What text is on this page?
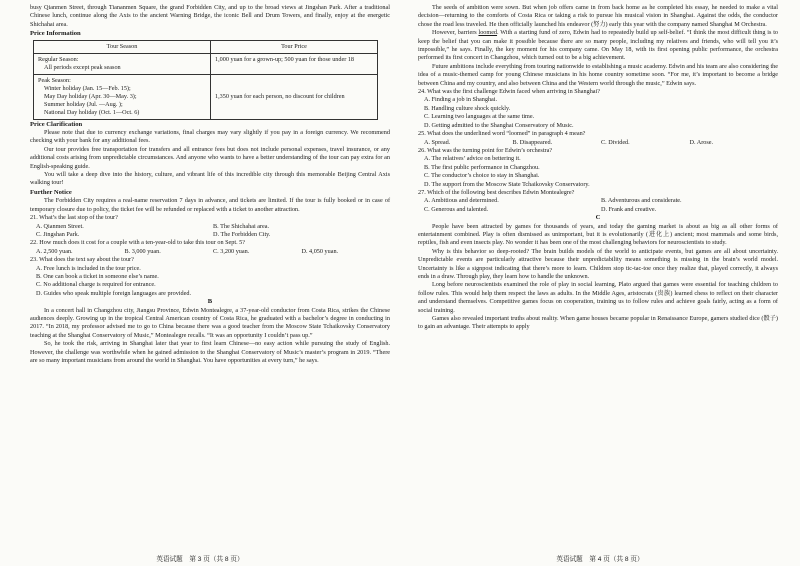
busy Qianmen Street, through Tiananmen Square, the grand Forbidden City, and up to the broad views at Jingshan Park. After a traditional Chinese lunch, continue along the Axis to the ancient Warning Bridge, the iconic Bell and Drum Towers, and finally, enjoy at the energetic Shichahai area.

Price Information
Tour Season	Tour Price

Regular Season:
All periods except peak season	1,000 yuan for a grown-up; 500 yuan for those under 18

Peak Season:
Winter holiday (Jan. 15—Feb. 15);
May Day holiday (Apr. 30—May. 3);
Summer holiday (Jul. —Aug. );
National Day holiday (Oct. 1—Oct. 6)	1,350 yuan for each person, no discount for children
Price Clarification

Please note that due to currency exchange variations, final charges may vary slightly if you pay in a foreign currency. We recommend checking with your bank for any additional fees.

Our tour provides free transportation for transfers and all entrance fees but does not include personal expenses, travel insurance, or any additional costs arising from unpredictable circumstances. And anyone who wants to have a better understanding of the tour can pay extra for an English-speaking guide.

You will take a deep dive into the history, culture, and vibrant life of this incredible city through this memorable Beijing Central Axis walking tour!

Further Notice

The Forbidden City requires a real-name reservation 7 days in advance, and tickets are limited. If the tour is fully booked or in case of temporary closure due to policy, the ticket fee will be refunded or replaced with a ticket to another attraction.

21. What’s the last stop of the tour?

A. Qianmen Street.	B. The Shichahai area.
C. Jingshan Park.	D. The Forbidden City.

22. How much does it cost for a couple with a ten-year-old to take this tour on Sept. 5?

A. 2,500 yuan.	B. 3,000 yuan.	C. 3,200 yuan.	D. 4,050 yuan.

23. What does the text say about the tour?

A. Free lunch is included in the tour price.

B. One can book a ticket in someone else’s name.

C. No additional charge is required for entrance.

D. Guides who speak multiple foreign languages are provided.

B

In a concert hall in Changzhou city, Jiangsu Province, Edwin Montealegre, a 37-year-old conductor from Costa Rica, strikes the Chinese audiences deeply. Growing up in the tropical Central American country of Costa Rica, he graduated with a bachelor’s degree in conducting in 2017. “In 2018, my professor advised me to go to China because there was a good teacher from the Moscow State Tchaikovsky Conservatory teaching at the Shanghai Conservatory of Music,” Montealegre recalls. “It was an opportunity I couldn’t pass up.”

So, he took the risk, arriving in Shanghai later that year to first learn Chinese—no easy action while pursuing the study of English. However, the challenge was worthwhile when he gained admission to the Shanghai Conservatory of Music’s master’s program in 2019. “There are so many important musicians from around the world in Shanghai. You have opportunities at every turn,” he says.

英语试题　第 3 页（共 8 页）

The seeds of ambition were sown. But when job offers came in from back home as he completed his essay, he needed to make a vital decision—returning to the comforts of Costa Rica or taking a risk to pursue his musical vision in Shanghai. Against the odds, the conductor chose the road less traveled. He then officially launched his endeavor (努力) early this year with the company named Shanghai M Orchestra.

However, barriers loomed. With a starting fund of zero, Edwin had to repeatedly build up self-belief. “I think the most difficult thing is to keep the belief that you can make it possible because there are so many people, including my relatives and friends, who will tell you it’s impossible,” he says. Finally, the key moment for his company came. On May 18, with its first opening public performance, the orchestra performed its first concert in Changzhou, which turned out to be a big achievement.

Future ambitions include everything from touring nationwide to establishing a music academy. Edwin and his team are also considering the idea of a music-themed camp for young Chinese musicians in his home country sometime soon. “For me, it’s important to become a bridge between China and my country, and also between China and the Western world through the music,” Edwin says.

24. What was the first challenge Edwin faced when arriving in Shanghai?

A. Finding a job in Shanghai.

B. Handling culture shock quickly.

C. Learning two languages at the same time.

D. Getting admitted to the Shanghai Conservatory of Music.

25. What does the underlined word “loomed” in paragraph 4 mean?

A. Spread.	B. Disappeared.	C. Divided.	D. Arose.

26. What was the turning point for Edwin’s orchestra?

A. The relatives’ advice on bettering it.

B. The first public performance in Changzhou.

C. The conductor’s choice to stay in Shanghai.

D. The support from the Moscow State Tchaikovsky Conservatory.

27. Which of the following best describes Edwin Montealegre?

A. Ambitious and determined.	B. Adventurous and considerate.
C. Generous and talented.	D. Frank and creative.

C

People have been attracted by games for thousands of years, and today the gaming market is about as big as all other forms of entertainment combined. Play is often dismissed as unimportant, but it is evolutionarily (进化上) ancient; most mammals and some birds, reptiles, fish and even insects play. No wonder it has been one of the most challenging behaviors for neuroscientists to study.

Why is this behavior so deep-rooted? The brain builds models of the world to anticipate events, but games are all about uncertainty. Unpredictable events are particularly attractive because their unpredictability means something is missing in the brain’s world model. Uncertainty is like a signpost indicating that there’s more to learn. Children stop tic-tac-toe once they realize that, played correctly, it always ends in a draw. Through play, they learn how to handle the unknown.

Long before neuroscientists examined the role of play in social learning, Plato argued that games were essential for teaching children to follow rules. This would help them respect the laws as adults. In the Middle Ages, aristocrats (贵族) learned chess to reflect on their character and understand themselves. Competitive games focus on cooperation, training us to follow rules and achieve goals fairly, acting as a form of social training.

Games also revealed important truths about reality. When game houses became popular in Renaissance Europe, gamers studied dice (骰子) to gain an advantage. Their attempts to apply

英语试题　第 4 页（共 8 页）
